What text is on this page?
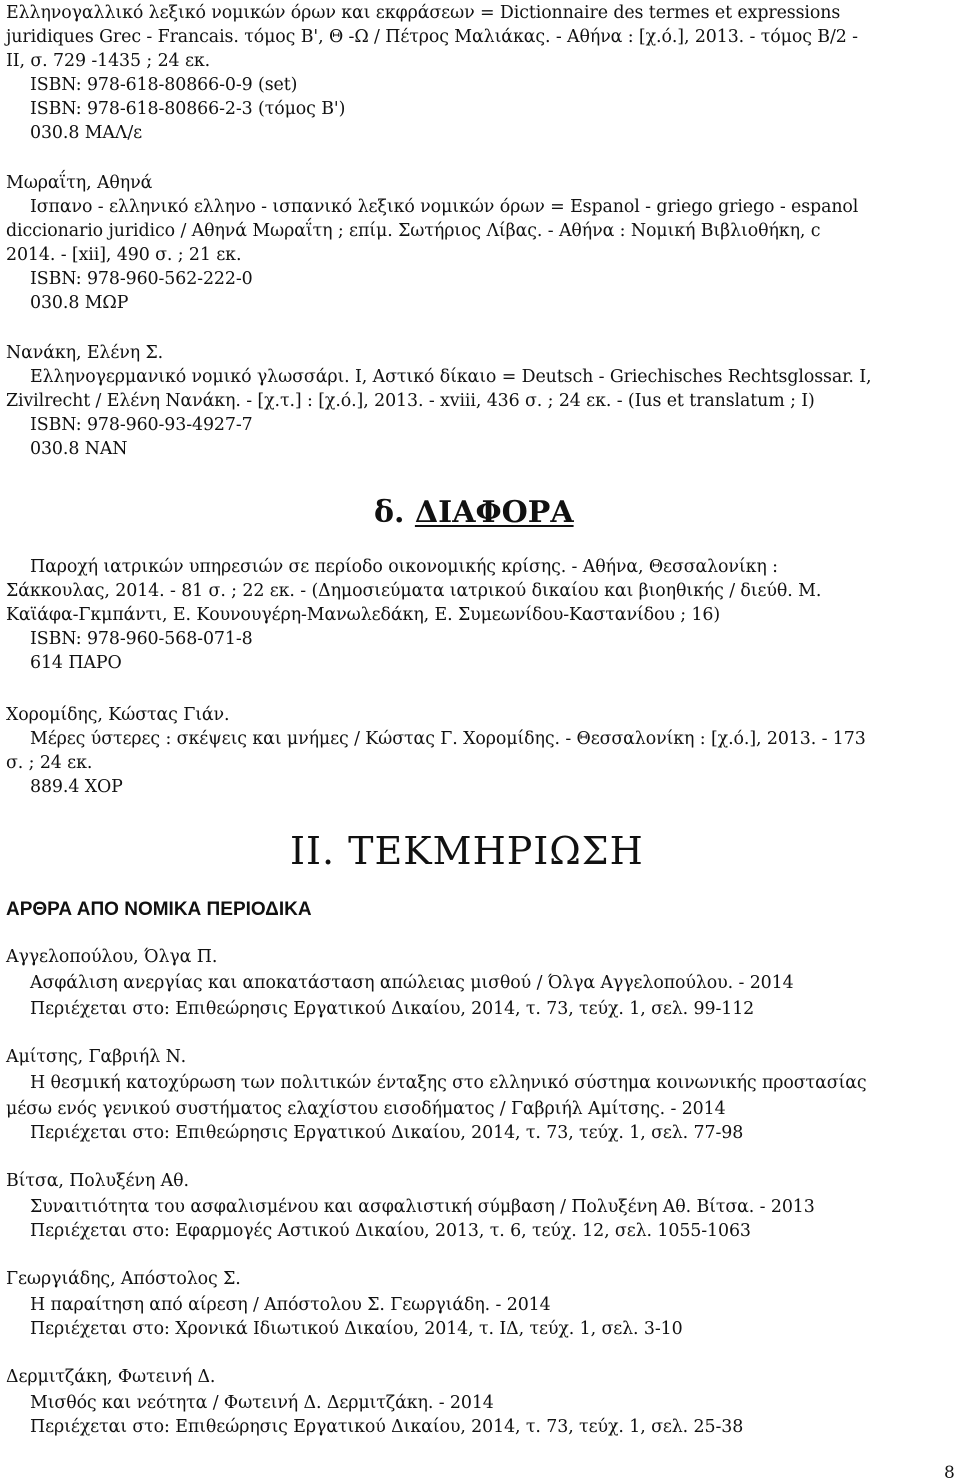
Ελληνογαλλικό λεξικό νομικών όρων και εκφράσεων = Dictionnaire des termes et expressions
juridiques Grec - Francais. τόμος Β', Θ -Ω / Πέτρος Μαλιάκας. - Αθήνα : [χ.ό.], 2013. - τόμος Β/2 -
ΙΙ, σ. 729 -1435 ; 24 εκ.
ISBN: 978-618-80866-0-9 (set)
ISBN: 978-618-80866-2-3 (τόμος Β')
030.8 ΜΑΛ/ε
Μωραΐτη, Αθηνά
Ισπανο - ελληνικό ελληνο - ισπανικό λεξικό νομικών όρων = Espanol - griego griego - espanol
diccionario juridico / Αθηνά Μωραΐτη ; επίμ. Σωτήριος Λίβας. - Αθήνα : Νομική Βιβλιοθήκη, c
2014. - [xii], 490 σ. ; 21 εκ.
ISBN: 978-960-562-222-0
030.8 ΜΩΡ
Νανάκη, Ελένη Σ.
Ελληνογερμανικό νομικό γλωσσάρι. I, Αστικό δίκαιο = Deutsch - Griechisches Rechtsglossar. I,
Zivilrecht / Ελένη Νανάκη. - [χ.τ.] : [χ.ό.], 2013. - xviii, 436 σ. ; 24 εκ. - (Ius et translatum ; I)
ISBN: 978-960-93-4927-7
030.8 ΝΑΝ
δ. ΔΙΑΦΟΡΑ
Παροχή ιατρικών υπηρεσιών σε περίοδο οικονομικής κρίσης. - Αθήνα, Θεσσαλονίκη :
Σάκκουλας, 2014. - 81 σ. ; 22 εκ. - (Δημοσιεύματα ιατρικού δικαίου και βιοηθικής / διεύθ. Μ.
Καϊάφα-Γκμπάντι, Ε. Κουνουγέρη-Μανωλεδάκη, Ε. Συμεωνίδου-Καστανίδου ; 16)
ISBN: 978-960-568-071-8
614 ΠΑΡΟ
Χορομίδης, Κώστας Γιάν.
Μέρες ύστερες : σκέψεις και μνήμες / Κώστας Γ. Χορομίδης. - Θεσσαλονίκη : [χ.ό.], 2013. - 173
σ. ; 24 εκ.
889.4 ΧΟΡ
ΙΙ. ΤΕΚΜΗΡΙΩΣΗ
ΑΡΘΡΑ ΑΠΟ ΝΟΜΙΚΑ ΠΕΡΙΟΔΙΚΑ
Αγγελοπούλου, Όλγα Π.
Ασφάλιση ανεργίας και αποκατάσταση απώλειας μισθού / Όλγα Αγγελοπούλου. - 2014
Περιέχεται στο: Επιθεώρησις Εργατικού Δικαίου, 2014, τ. 73, τεύχ. 1, σελ. 99-112
Αμίτσης, Γαβριήλ Ν.
Η θεσμική κατοχύρωση των πολιτικών ένταξης στο ελληνικό σύστημα κοινωνικής προστασίας
μέσω ενός γενικού συστήματος ελαχίστου εισοδήματος / Γαβριήλ Αμίτσης. - 2014
Περιέχεται στο: Επιθεώρησις Εργατικού Δικαίου, 2014, τ. 73, τεύχ. 1, σελ. 77-98
Βίτσα, Πολυξένη Αθ.
Συναιτιότητα του ασφαλισμένου και ασφαλιστική σύμβαση / Πολυξένη Αθ. Βίτσα. - 2013
Περιέχεται στο: Εφαρμογές Αστικού Δικαίου, 2013, τ. 6, τεύχ. 12, σελ. 1055-1063
Γεωργιάδης, Απόστολος Σ.
Η παραίτηση από αίρεση / Απόστολου Σ. Γεωργιάδη. - 2014
Περιέχεται στο: Χρονικά Ιδιωτικού Δικαίου, 2014, τ. ΙΔ, τεύχ. 1, σελ. 3-10
Δερμιτζάκη, Φωτεινή Δ.
Μισθός και νεότητα / Φωτεινή Δ. Δερμιτζάκη. - 2014
Περιέχεται στο: Επιθεώρησις Εργατικού Δικαίου, 2014, τ. 73, τεύχ. 1, σελ. 25-38
8
